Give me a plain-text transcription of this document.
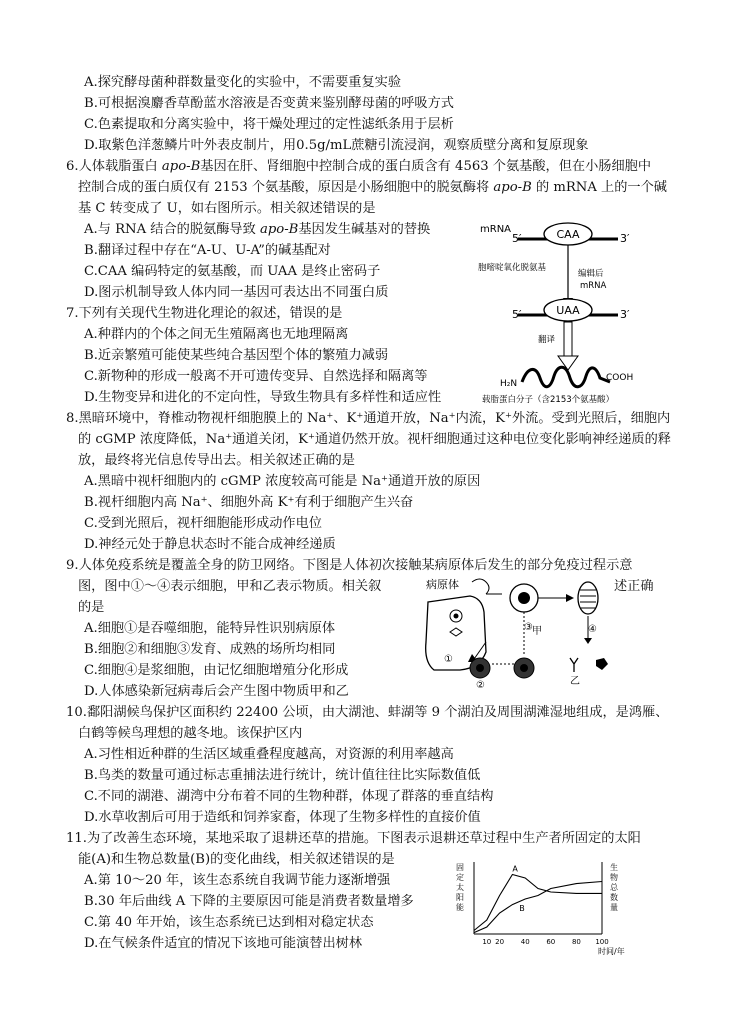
A.探究酵母菌种群数量变化的实验中，不需要重复实验
B.可根据溴麝香草酚蓝水溶液是否变黄来鉴别酵母菌的呼吸方式
C.色素提取和分离实验中，将干燥处理过的定性滤纸条用于层析
D.取紫色洋葱鳞片叶外表皮制片，用0.5g/mL蔗糖引流浸润，观察质壁分离和复原现象
6.人体载脂蛋白 apo-B基因在肝、肾细胞中控制合成的蛋白质含有 4563 个氨基酸，但在小肠细胞中
控制合成的蛋白质仅有 2153 个氨基酸，原因是小肠细胞中的脱氨酶将 apo-B 的 mRNA 上的一个碱
基 C 转变成了 U，如右图所示。相关叙述错误的是
A.与 RNA 结合的脱氨酶导致 apo-B基因发生碱基对的替换
B.翻译过程中存在“A-U、U-A”的碱基配对
C.CAA 编码特定的氨基酸，而 UAA 是终止密码子
D.图示机制导致人体内同一基因可表达出不同蛋白质
mRNA
5′	3′
CAA
胞嘧啶氧化脱氨基
编辑后
mRNA
5′	3′
UAA
翻译
H₂N
COOH
载脂蛋白分子（含2153个氨基酸）
7.下列有关现代生物进化理论的叙述，错误的是
A.种群内的个体之间无生殖隔离也无地理隔离
B.近亲繁殖可能使某些纯合基因型个体的繁殖力减弱
C.新物种的形成一般离不开可遗传变异、自然选择和隔离等
D.生物变异和进化的不定向性，导致生物具有多样性和适应性
8.黑暗环境中，脊椎动物视杆细胞膜上的 Na⁺、K⁺通道开放，Na⁺内流，K⁺外流。受到光照后，细胞内
的 cGMP 浓度降低，Na⁺通道关闭，K⁺通道仍然开放。视杆细胞通过这种电位变化影响神经递质的释
放，最终将光信息传导出去。相关叙述正确的是
A.黑暗中视杆细胞内的 cGMP 浓度较高可能是 Na⁺通道开放的原因
B.视杆细胞内高 Na⁺、细胞外高 K⁺有利于细胞产生兴奋
C.受到光照后，视杆细胞能形成动作电位
D.神经元处于静息状态时不能合成神经递质
9.人体免疫系统是覆盖全身的防卫网络。下图是人体初次接触某病原体后发生的部分免疫过程示意
图，图中①～④表示细胞，甲和乙表示物质。相关叙	述正确
的是
A.细胞①是吞噬细胞，能特异性识别病原体
B.细胞②和细胞③发育、成熟的场所均相同
C.细胞④是浆细胞，由记忆细胞增殖分化形成
D.人体感染新冠病毒后会产生图中物质甲和乙
病原体
①
②
③ 甲	④
乙
10.鄱阳湖候鸟保护区面积约 22400 公顷，由大湖池、蚌湖等 9 个湖泊及周围湖滩湿地组成，是鸿雁、
白鹤等候鸟理想的越冬地。该保护区内
A.习性相近种群的生活区域重叠程度越高，对资源的利用率越高
B.鸟类的数量可通过标志重捕法进行统计，统计值往往比实际数值低
C.不同的湖港、湖湾中分布着不同的生物种群，体现了群落的垂直结构
D.水草收割后可用于造纸和饲养家畜，体现了生物多样性的直接价值
11.为了改善生态环境，某地采取了退耕还草的措施。下图表示退耕还草过程中生产者所固定的太阳
能(A)和生物总数量(B)的变化曲线，相关叙述错误的是
A.第 10～20 年，该生态系统自我调节能力逐渐增强
B.30 年后曲线 A 下降的主要原因可能是消费者数量增多
C.第 40 年开始，该生态系统已达到相对稳定状态
D.在气候条件适宜的情况下该地可能演替出树林
固
定
太
阳
能
生
物
总
数
量
10 20 40 60 80 100
A
B
时间/年
